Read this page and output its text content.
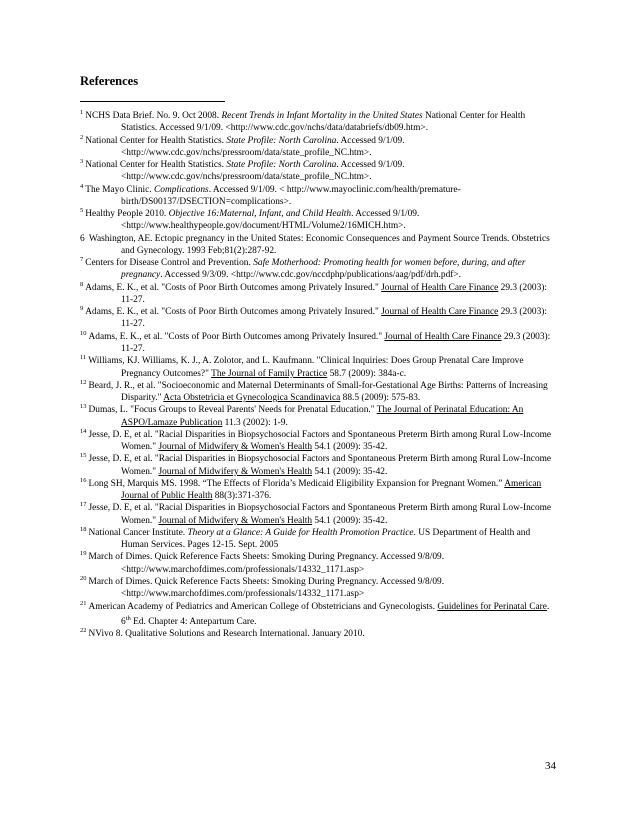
References

1 NCHS Data Brief. No. 9. Oct 2008. Recent Trends in Infant Mortality in the United States National Center for Health Statistics. Accessed 9/1/09. <http://www.cdc.gov/nchs/data/databriefs/db09.htm>.

2 National Center for Health Statistics. State Profile: North Carolina. Accessed 9/1/09. <http://www.cdc.gov/nchs/pressroom/data/state_profile_NC.htm>.

3 National Center for Health Statistics. State Profile: North Carolina. Accessed 9/1/09. <http://www.cdc.gov/nchs/pressroom/data/state_profile_NC.htm>.

4 The Mayo Clinic. Complications. Accessed 9/1/09. < http://www.mayoclinic.com/health/premature-birth/DS00137/DSECTION=complications>.

5 Healthy People 2010. Objective 16:Maternal, Infant, and Child Health. Accessed 9/1/09. <http://www.healthypeople.gov/document/HTML/Volume2/16MICH.htm>.

6 Washington, AE. Ectopic pregnancy in the United States: Economic Consequences and Payment Source Trends. Obstetrics and Gynecology. 1993 Feb;81(2):287-92.

7 Centers for Disease Control and Prevention. Safe Motherhood: Promoting health for women before, during, and after pregnancy. Accessed 9/3/09. <http://www.cdc.gov/nccdphp/publications/aag/pdf/drh.pdf>.

8 Adams, E. K., et al. "Costs of Poor Birth Outcomes among Privately Insured." Journal of Health Care Finance 29.3 (2003): 11-27.

9 Adams, E. K., et al. "Costs of Poor Birth Outcomes among Privately Insured." Journal of Health Care Finance 29.3 (2003): 11-27.

10 Adams, E. K., et al. "Costs of Poor Birth Outcomes among Privately Insured." Journal of Health Care Finance 29.3 (2003): 11-27.

11 Williams, KJ. Williams, K. J., A. Zolotor, and L. Kaufmann. "Clinical Inquiries: Does Group Prenatal Care Improve Pregnancy Outcomes?" The Journal of Family Practice 58.7 (2009): 384a-c.

12 Beard, J. R., et al. "Socioeconomic and Maternal Determinants of Small-for-Gestational Age Births: Patterns of Increasing Disparity." Acta Obstetricia et Gynecologica Scandinavica 88.5 (2009): 575-83.

13 Dumas, L. "Focus Groups to Reveal Parents' Needs for Prenatal Education." The Journal of Perinatal Education: An ASPO/Lamaze Publication 11.3 (2002): 1-9.

14 Jesse, D. E, et al. "Racial Disparities in Biopsychosocial Factors and Spontaneous Preterm Birth among Rural Low-Income Women." Journal of Midwifery & Women's Health 54.1 (2009): 35-42.

15 Jesse, D. E, et al. "Racial Disparities in Biopsychosocial Factors and Spontaneous Preterm Birth among Rural Low-Income Women." Journal of Midwifery & Women's Health 54.1 (2009): 35-42.

16 Long SH, Marquis MS. 1998. “The Effects of Florida’s Medicaid Eligibility Expansion for Pregnant Women.” American Journal of Public Health 88(3):371-376.

17 Jesse, D. E, et al. "Racial Disparities in Biopsychosocial Factors and Spontaneous Preterm Birth among Rural Low-Income Women." Journal of Midwifery & Women's Health 54.1 (2009): 35-42.

18 National Cancer Institute. Theory at a Glance: A Guide for Health Promotion Practice. US Department of Health and Human Services. Pages 12-15. Sept. 2005

19 March of Dimes. Quick Reference Facts Sheets: Smoking During Pregnancy. Accessed 9/8/09. <http://www.marchofdimes.com/professionals/14332_1171.asp>

20 March of Dimes. Quick Reference Facts Sheets: Smoking During Pregnancy. Accessed 9/8/09. <http://www.marchofdimes.com/professionals/14332_1171.asp>

21 American Academy of Pediatrics and American College of Obstetricians and Gynecologists. Guidelines for Perinatal Care. 6th Ed. Chapter 4: Antepartum Care.

22 NVivo 8. Qualitative Solutions and Research International. January 2010.

34
